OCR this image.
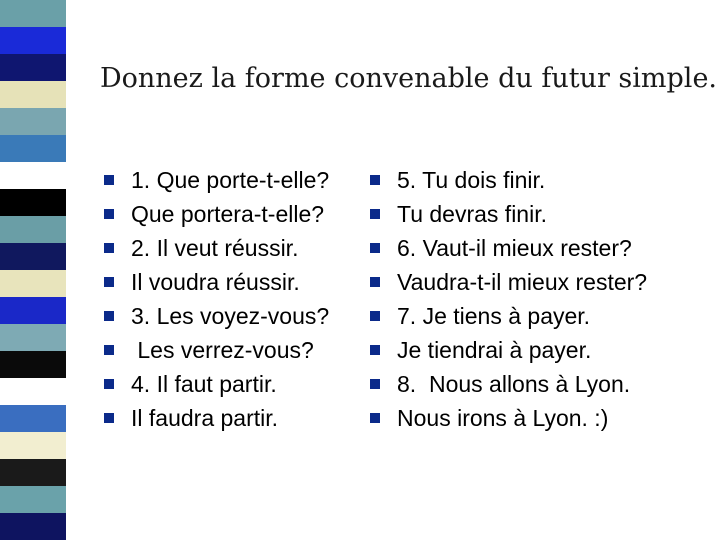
Donnez la forme convenable du futur simple.
1. Que porte-t-elle?
Que portera-t-elle?
2. Il veut réussir.
Il voudra réussir.
3. Les voyez-vous?
Les verrez-vous?
4. Il faut partir.
Il faudra partir.
5. Tu dois finir.
Tu devras finir.
6. Vaut-il mieux rester?
Vaudra-t-il mieux rester?
7. Je tiens à payer.
Je tiendrai à payer.
8.  Nous allons à Lyon.
Nous irons à Lyon. :)
